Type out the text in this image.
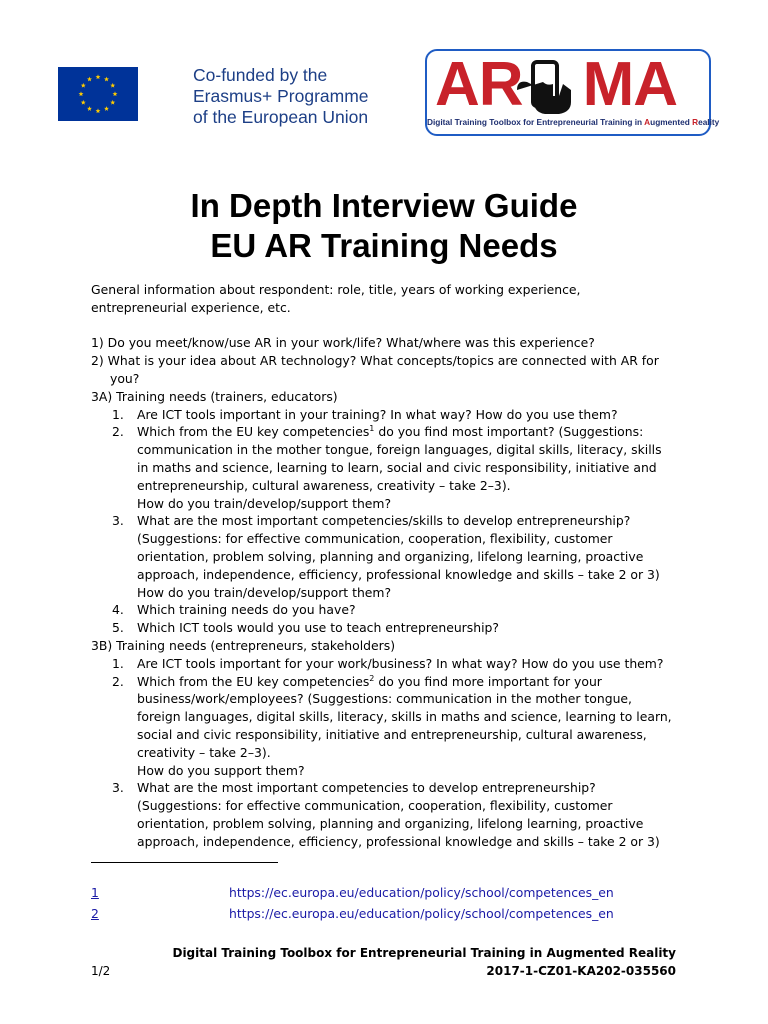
Co-funded by the
Erasmus+ Programme
of the European Union AR MA
Digital Training Toolbox for Entrepreneurial Training in Augmented Reality
In Depth Interview Guide
EU AR Training Needs
General information about respondent: role, title, years of working experience,
entrepreneurial experience, etc.
1) Do you meet/know/use AR in your work/life? What/where was this experience?
2) What is your idea about AR technology? What concepts/topics are connected with AR for
you?
3A) Training needs (trainers, educators)
1. Are ICT tools important in your training? In what way? How do you use them?
2. Which from the EU key competencies$^1$ do you find most important? (Suggestions:
communication in the mother tongue, foreign languages, digital skills, literacy, skills
in maths and science, learning to learn, social and civic responsibility, initiative and
entrepreneurship, cultural awareness, creativity – take 2–3).
How do you train/develop/support them?
3. What are the most important competencies/skills to develop entrepreneurship?
(Suggestions: for effective communication, cooperation, flexibility, customer
orientation, problem solving, planning and organizing, lifelong learning, proactive
approach, independence, efficiency, professional knowledge and skills – take 2 or 3)
How do you train/develop/support them?
4. Which training needs do you have?
5. Which ICT tools would you use to teach entrepreneurship?
3B) Training needs (entrepreneurs, stakeholders)
1. Are ICT tools important for your work/business? In what way? How do you use them?
2. Which from the EU key competencies$^2$ do you find more important for your
business/work/employees? (Suggestions: communication in the mother tongue,
foreign languages, digital skills, literacy, skills in maths and science, learning to learn,
social and civic responsibility, initiative and entrepreneurship, cultural awareness,
creativity – take 2–3).
How do you support them?
3. What are the most important competencies to develop entrepreneurship?
(Suggestions: for effective communication, cooperation, flexibility, customer
orientation, problem solving, planning and organizing, lifelong learning, proactive
approach, independence, efficiency, professional knowledge and skills – take 2 or 3)
1	https://ec.europa.eu/education/policy/school/competences_en
2	https://ec.europa.eu/education/policy/school/competences_en
Digital Training Toolbox for Entrepreneurial Training in Augmented Reality
1/2	2017-1-CZ01-KA202-035560
